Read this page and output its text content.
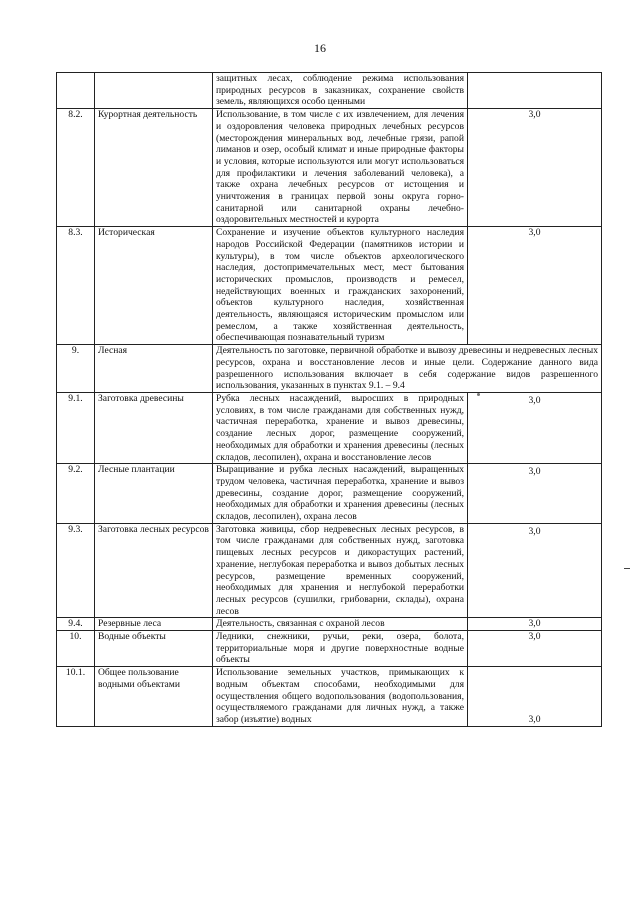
16
		защитных лесах, соблюдение режима использования природных ресурсов в заказниках, сохранение свойств земель, являющихся особо ценными	
8.2.	Курортная деятельность	Использование, в том числе с их извлечением, для лечения и оздоровления человека природных лечебных ресурсов (месторождения минеральных вод, лечебные грязи, рапой лиманов и озер, особый климат и иные природные факторы и условия, которые используются или могут использоваться для профилактики и лечения заболеваний человека), а также охрана лечебных ресурсов от истощения и уничтожения в границах первой зоны округа горно-санитарной или санитарной охраны лечебно-оздоровительных местностей и курорта	3,0
8.3.	Историческая	Сохранение и изучение объектов культурного наследия народов Российской Федерации (памятников истории и культуры), в том числе объектов археологического наследия, достопримечательных мест, мест бытования исторических промыслов, производств и ремесел, недействующих военных и гражданских захоронений, объектов культурного наследия, хозяйственная деятельность, являющаяся историческим промыслом или ремеслом, а также хозяйственная деятельность, обеспечивающая познавательный туризм	3,0
9.	Лесная	Деятельность по заготовке, первичной обработке и вывозу древесины и недревесных лесных ресурсов, охрана и восстановление лесов и иные цели. Содержание данного вида разрешенного использования включает в себя содержание видов разрешенного использования, указанных в пунктах 9.1. – 9.4	
9.1.	Заготовка древесины	Рубка лесных насаждений, выросших в природных условиях, в том числе гражданами для собственных нужд, частичная переработка, хранение и вывоз древесины, создание лесных дорог, размещение сооружений, необходимых для обработки и хранения древесины (лесных складов, лесопилен), охрана и восстановление лесов	3,0
9.2.	Лесные плантации	Выращивание и рубка лесных насаждений, выращенных трудом человека, частичная переработка, хранение и вывоз древесины, создание дорог, размещение сооружений, необходимых для обработки и хранения древесины (лесных складов, лесопилен), охрана лесов	3,0
9.3.	Заготовка лесных ресурсов	Заготовка живицы, сбор недревесных лесных ресурсов, в том числе гражданами для собственных нужд, заготовка пищевых лесных ресурсов и дикорастущих растений, хранение, неглубокая переработка и вывоз добытых лесных ресурсов, размещение временных сооружений, необходимых для хранения и неглубокой переработки лесных ресурсов (сушилки, грибоварни, склады), охрана лесов	3,0
9.4.	Резервные леса	Деятельность, связанная с охраной лесов	3,0
10.	Водные объекты	Ледники, снежники, ручьи, реки, озера, болота, территориальные моря и другие поверхностные водные объекты	3,0
10.1.	Общее пользование водными объектами	Использование земельных участков, примыкающих к водным объектам способами, необходимыми для осуществления общего водопользования (водопользования, осуществляемого гражданами для личных нужд, а также забор (изъятие) водных	3,0
